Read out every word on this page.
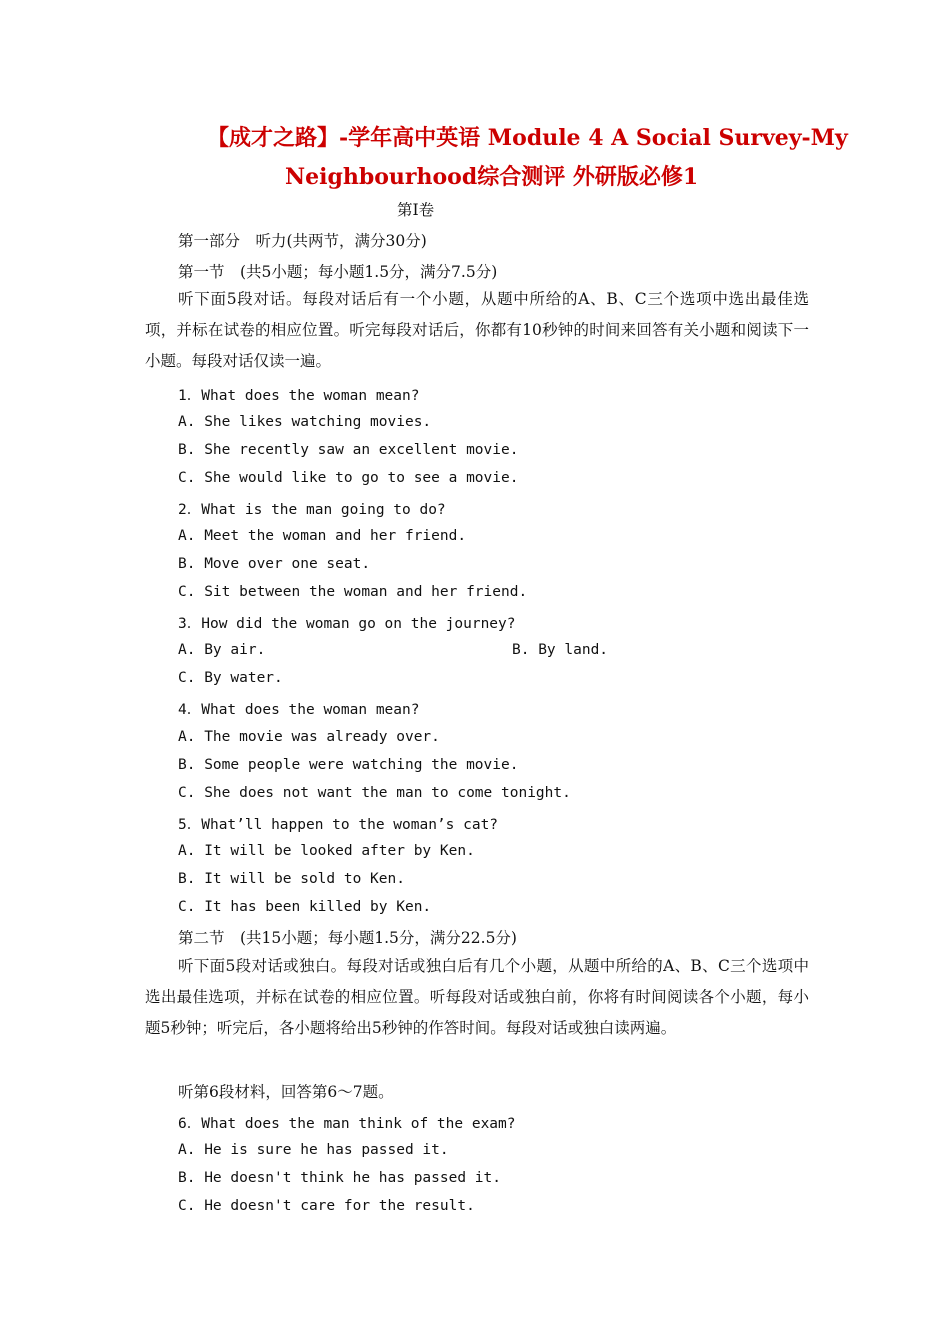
【成才之路】-学年高中英语 Module 4 A Social Survey-My
Neighbourhood综合测评 外研版必修1
第Ⅰ卷
第一部分　听力(共两节，满分30分)
第一节　(共5小题；每小题1.5分，满分7.5分)
听下面5段对话。每段对话后有一个小题，从题中所给的A、B、C三个选项中选出最佳选项，并标在试卷的相应位置。听完每段对话后，你都有10秒钟的时间来回答有关小题和阅读下一小题。每段对话仅读一遍。
1．What does the woman mean?
A. She likes watching movies.
B. She recently saw an excellent movie.
C. She would like to go to see a movie.
2．What is the man going to do?
A. Meet the woman and her friend.
B. Move over one seat.
C. Sit between the woman and her friend.
3．How did the woman go on the journey?
A. By air.	B. By land.
C. By water.
4．What does the woman mean?
A. The movie was already over.
B. Some people were watching the movie.
C. She does not want the man to come tonight.
5．What’ll happen to the woman’s cat?
A. It will be looked after by Ken.
B. It will be sold to Ken.
C. It has been killed by Ken.
第二节　(共15小题；每小题1.5分，满分22.5分)
听下面5段对话或独白。每段对话或独白后有几个小题，从题中所给的A、B、C三个选项中选出最佳选项，并标在试卷的相应位置。听每段对话或独白前，你将有时间阅读各个小题，每小题5秒钟；听完后，各小题将给出5秒钟的作答时间。每段对话或独白读两遍。
听第6段材料，回答第6～7题。
6．What does the man think of the exam?
A. He is sure he has passed it.
B. He doesn't think he has passed it.
C. He doesn't care for the result.
